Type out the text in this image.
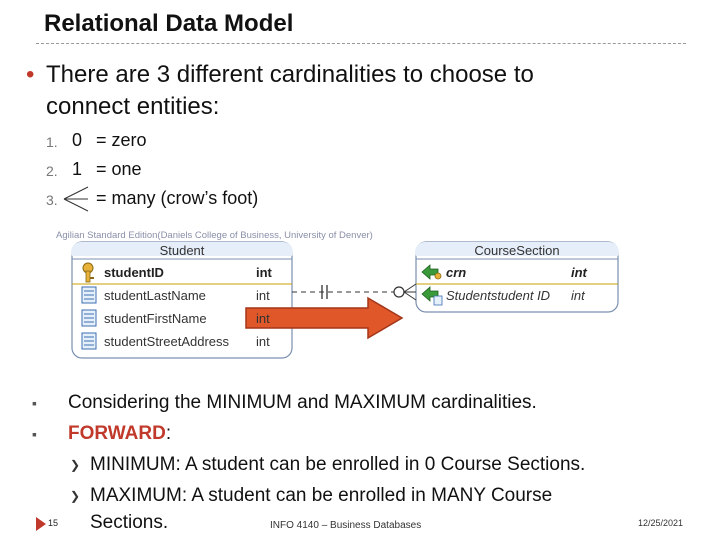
Relational Data Model
• There are 3 different cardinalities to choose to
connect entities:
1. 0 = zero
2. 1 = one
3. = many (crow’s foot)
Agilian Standard Edition(Daniels College of Business, University of Denver)
Student
studentID	int
studentLastName	int
studentFirstName	int
studentStreetAddress int
CourseSection
crn	int
Studentstudent ID int
▪ Considering the MINIMUM and MAXIMUM cardinalities.
▪ FORWARD:
❯ MINIMUM: A student can be enrolled in 0 Course Sections.
❯ MAXIMUM: A student can be enrolled in MANY Course
Sections.
15	INFO 4140 – Business Databases	12/25/2021
